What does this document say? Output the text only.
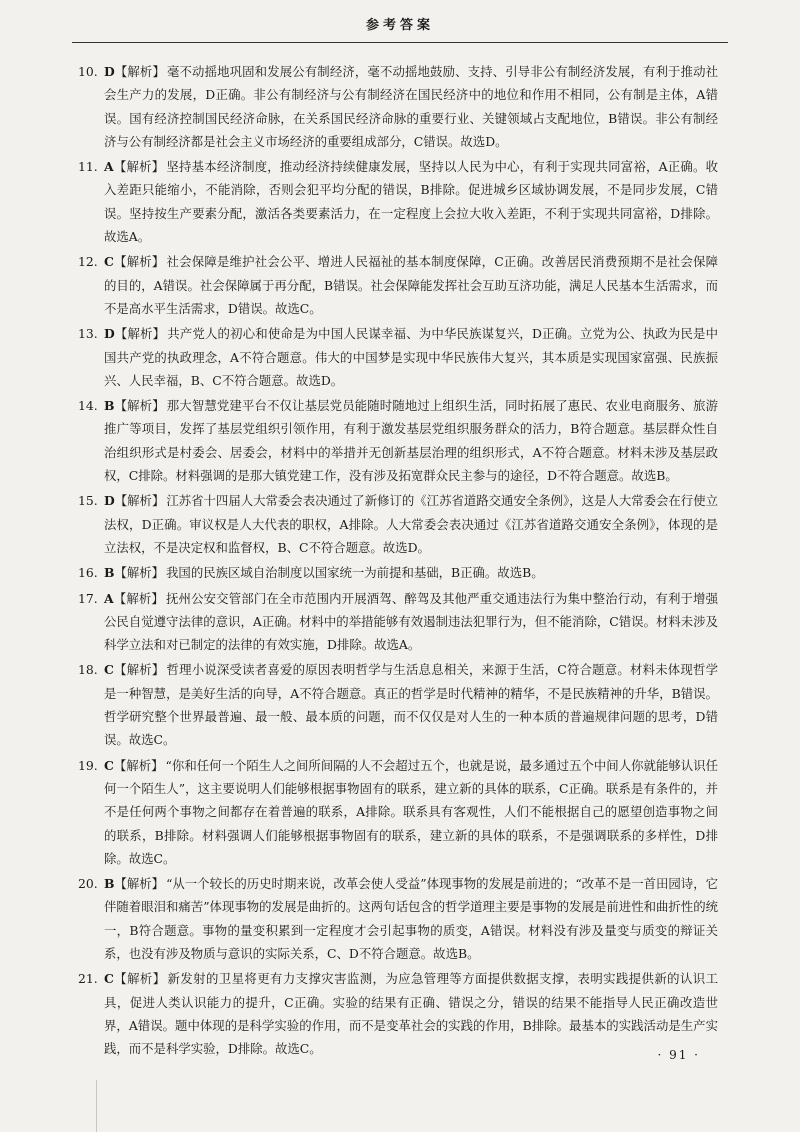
参考答案
10. D【解析】 毫不动摇地巩固和发展公有制经济，毫不动摇地鼓励、支持、引导非公有制经济发展，有利于推动社会生产力的发展，D正确。非公有制经济与公有制经济在国民经济中的地位和作用不相同，公有制是主体，A错误。国有经济控制国民经济命脉，在关系国民经济命脉的重要行业、关键领域占支配地位，B错误。非公有制经济与公有制经济都是社会主义市场经济的重要组成部分，C错误。故选D。
11. A【解析】 坚持基本经济制度，推动经济持续健康发展，坚持以人民为中心，有利于实现共同富裕，A正确。收入差距只能缩小，不能消除，否则会犯平均分配的错误，B排除。促进城乡区域协调发展，不是同步发展，C错误。坚持按生产要素分配，激活各类要素活力，在一定程度上会拉大收入差距，不利于实现共同富裕，D排除。故选A。
12. C【解析】 社会保障是维护社会公平、增进人民福祉的基本制度保障，C正确。改善居民消费预期不是社会保障的目的，A错误。社会保障属于再分配，B错误。社会保障能发挥社会互助互济功能，满足人民基本生活需求，而不是高水平生活需求，D错误。故选C。
13. D【解析】 共产党人的初心和使命是为中国人民谋幸福、为中华民族谋复兴，D正确。立党为公、执政为民是中国共产党的执政理念，A不符合题意。伟大的中国梦是实现中华民族伟大复兴，其本质是实现国家富强、民族振兴、人民幸福，B、C不符合题意。故选D。
14. B【解析】 那大智慧党建平台不仅让基层党员能随时随地过上组织生活，同时拓展了惠民、农业电商服务、旅游推广等项目，发挥了基层党组织引领作用，有利于激发基层党组织服务群众的活力，B符合题意。基层群众性自治组织形式是村委会、居委会，材料中的举措并无创新基层治理的组织形式，A不符合题意。材料未涉及基层政权，C排除。材料强调的是那大镇党建工作，没有涉及拓宽群众民主参与的途径，D不符合题意。故选B。
15. D【解析】 江苏省十四届人大常委会表决通过了新修订的《江苏省道路交通安全条例》，这是人大常委会在行使立法权，D正确。审议权是人大代表的职权，A排除。人大常委会表决通过《江苏省道路交通安全条例》，体现的是立法权，不是决定权和监督权，B、C不符合题意。故选D。
16. B【解析】 我国的民族区域自治制度以国家统一为前提和基础，B正确。故选B。
17. A【解析】 抚州公安交管部门在全市范围内开展酒驾、醉驾及其他严重交通违法行为集中整治行动，有利于增强公民自觉遵守法律的意识，A正确。材料中的举措能够有效遏制违法犯罪行为，但不能消除，C错误。材料未涉及科学立法和对已制定的法律的有效实施，D排除。故选A。
18. C【解析】 哲理小说深受读者喜爱的原因表明哲学与生活息息相关，来源于生活，C符合题意。材料未体现哲学是一种智慧，是美好生活的向导，A不符合题意。真正的哲学是时代精神的精华，不是民族精神的升华，B错误。哲学研究整个世界最普遍、最一般、最本质的问题，而不仅仅是对人生的一种本质的普遍规律问题的思考，D错误。故选C。
19. C【解析】 “你和任何一个陌生人之间所间隔的人不会超过五个，也就是说，最多通过五个中间人你就能够认识任何一个陌生人”，这主要说明人们能够根据事物固有的联系，建立新的具体的联系，C正确。联系是有条件的，并不是任何两个事物之间都存在着普遍的联系，A排除。联系具有客观性，人们不能根据自己的愿望创造事物之间的联系，B排除。材料强调人们能够根据事物固有的联系，建立新的具体的联系，不是强调联系的多样性，D排除。故选C。
20. B【解析】 “从一个较长的历史时期来说，改革会使人受益”体现事物的发展是前进的；“改革不是一首田园诗，它伴随着眼泪和痛苦”体现事物的发展是曲折的。这两句话包含的哲学道理主要是事物的发展是前进性和曲折性的统一，B符合题意。事物的量变积累到一定程度才会引起事物的质变，A错误。材料没有涉及量变与质变的辩证关系，也没有涉及物质与意识的实际关系，C、D不符合题意。故选B。
21. C【解析】 新发射的卫星将更有力支撑灾害监测，为应急管理等方面提供数据支撑，表明实践提供新的认识工具，促进人类认识能力的提升，C正确。实验的结果有正确、错误之分，错误的结果不能指导人民正确改造世界，A错误。题中体现的是科学实验的作用，而不是变革社会的实践的作用，B排除。最基本的实践活动是生产实践，而不是科学实验，D排除。故选C。	· 91 ·
